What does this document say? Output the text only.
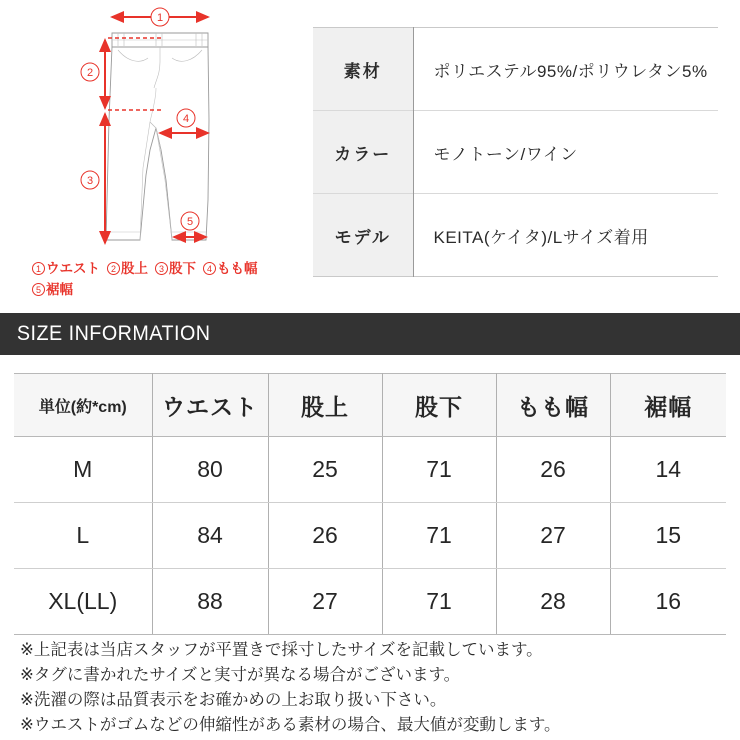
1
2
3
4
5
1 ウエスト 2 股上 3 股下 4 もも幅
5 裾幅
素材	ポリエステル95%/ポリウレタン5%
カラー	モノトーン/ワイン
モデル	KEITA(ケイタ)/Lサイズ着用
SIZE INFORMATION
単位(約*cm)	ウエスト	股上	股下	もも幅	裾幅
M	80	25	71	26	14
L	84	26	71	27	15
XL(LL)	88	27	71	28	16
※上記表は当店スタッフが平置きで採寸したサイズを記載しています。
※タグに書かれたサイズと実寸が異なる場合がございます。
※洗濯の際は品質表示をお確かめの上お取り扱い下さい。
※ウエストがゴムなどの伸縮性がある素材の場合、最大値が変動します。
